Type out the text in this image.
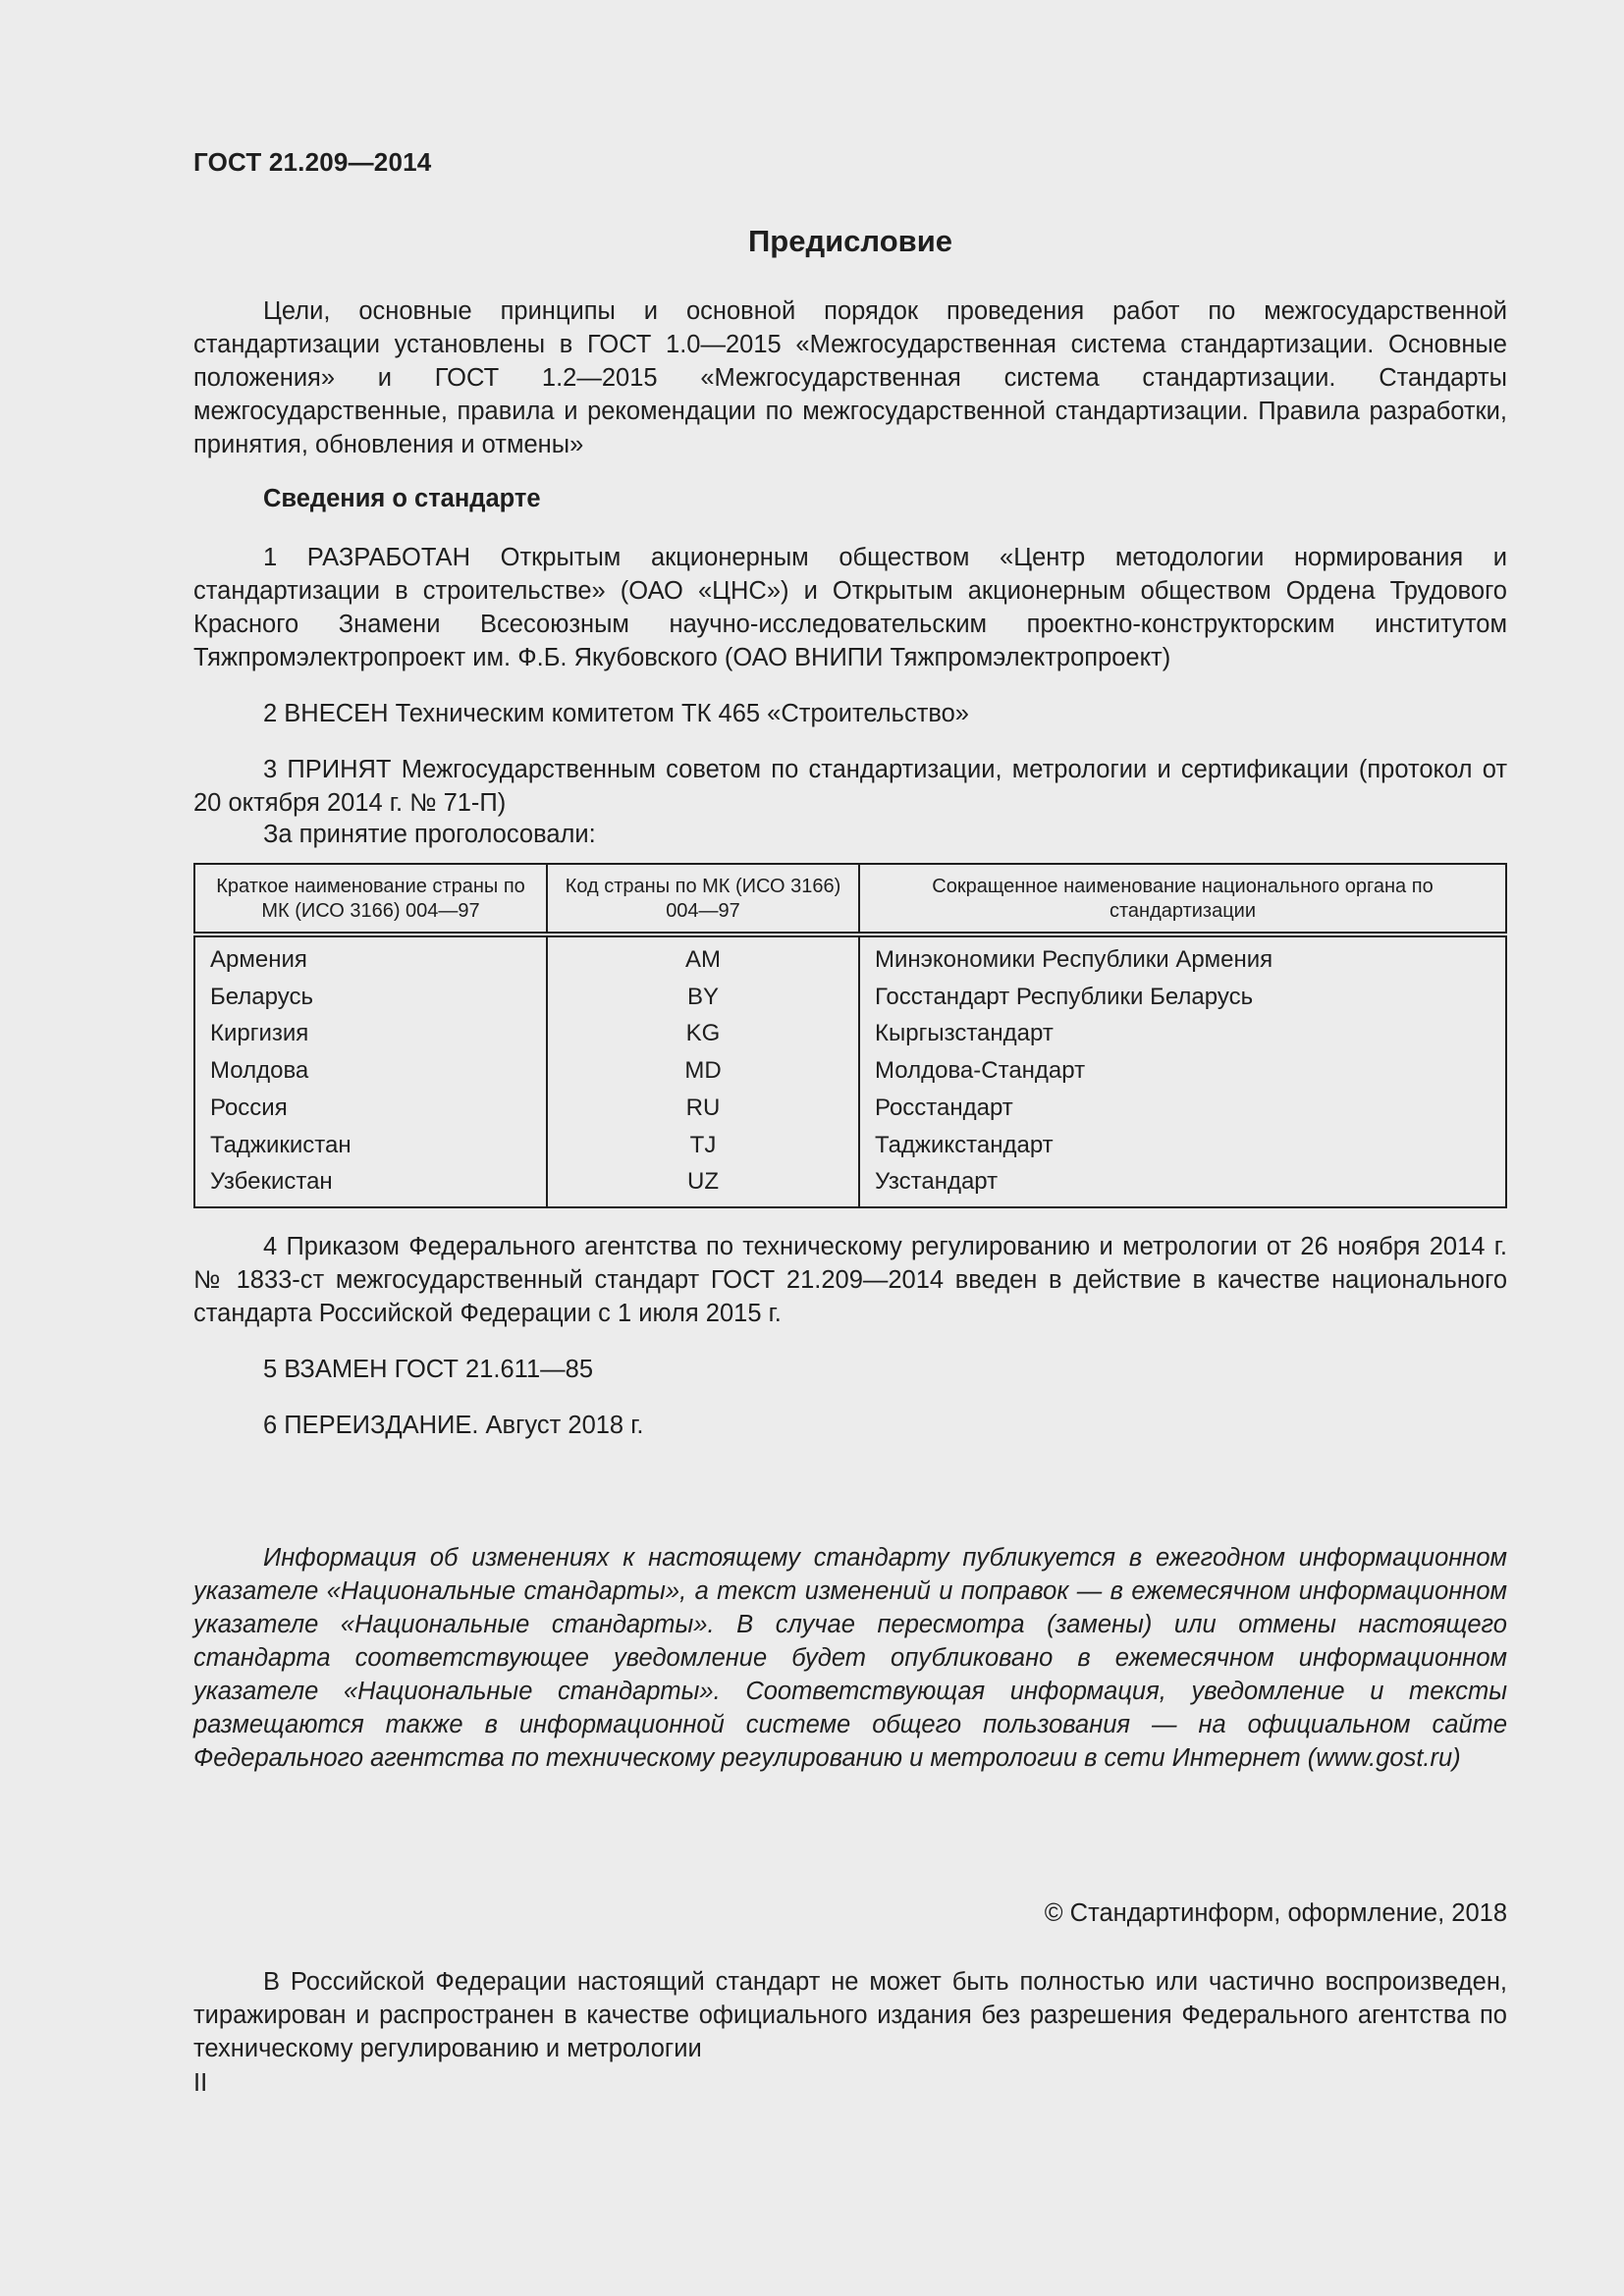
ГОСТ 21.209—2014
Предисловие
Цели, основные принципы и основной порядок проведения работ по межгосударственной стандартизации установлены в ГОСТ 1.0—2015 «Межгосударственная система стандартизации. Основные положения» и ГОСТ 1.2—2015 «Межгосударственная система стандартизации. Стандарты межгосударственные, правила и рекомендации по межгосударственной стандартизации. Правила разработки, принятия, обновления и отмены»
Сведения о стандарте
1 РАЗРАБОТАН Открытым акционерным обществом «Центр методологии нормирования и стандартизации в строительстве» (ОАО «ЦНС») и Открытым акционерным обществом Ордена Трудового Красного Знамени Всесоюзным научно-исследовательским проектно-конструкторским институтом Тяжпромэлектропроект им. Ф.Б. Якубовского (ОАО ВНИПИ Тяжпромэлектропроект)
2 ВНЕСЕН Техническим комитетом ТК 465 «Строительство»
3 ПРИНЯТ Межгосударственным советом по стандартизации, метрологии и сертификации (протокол от 20 октября 2014 г. № 71-П)
За принятие проголосовали:
Краткое наименование страны по МК (ИСО 3166) 004—97	Код страны по МК (ИСО 3166) 004—97	Сокращенное наименование национального органа по стандартизации
Армения	AM	Минэкономики Республики Армения
Беларусь	BY	Госстандарт Республики Беларусь
Киргизия	KG	Кыргызстандарт
Молдова	MD	Молдова-Стандарт
Россия	RU	Росстандарт
Таджикистан	TJ	Таджикстандарт
Узбекистан	UZ	Узстандарт
4 Приказом Федерального агентства по техническому регулированию и метрологии от 26 ноября 2014 г. № 1833-ст межгосударственный стандарт ГОСТ 21.209—2014 введен в действие в качестве национального стандарта Российской Федерации с 1 июля 2015 г.
5 ВЗАМЕН ГОСТ 21.611—85
6 ПЕРЕИЗДАНИЕ. Август 2018 г.
Информация об изменениях к настоящему стандарту публикуется в ежегодном информационном указателе «Национальные стандарты», а текст изменений и поправок — в ежемесячном информационном указателе «Национальные стандарты». В случае пересмотра (замены) или отмены настоящего стандарта соответствующее уведомление будет опубликовано в ежемесячном информационном указателе «Национальные стандарты». Соответствующая информация, уведомление и тексты размещаются также в информационной системе общего пользования — на официальном сайте Федерального агентства по техническому регулированию и метрологии в сети Интернет (www.gost.ru)
© Стандартинформ, оформление, 2018
В Российской Федерации настоящий стандарт не может быть полностью или частично воспроизведен, тиражирован и распространен в качестве официального издания без разрешения Федерального агентства по техническому регулированию и метрологии
II
